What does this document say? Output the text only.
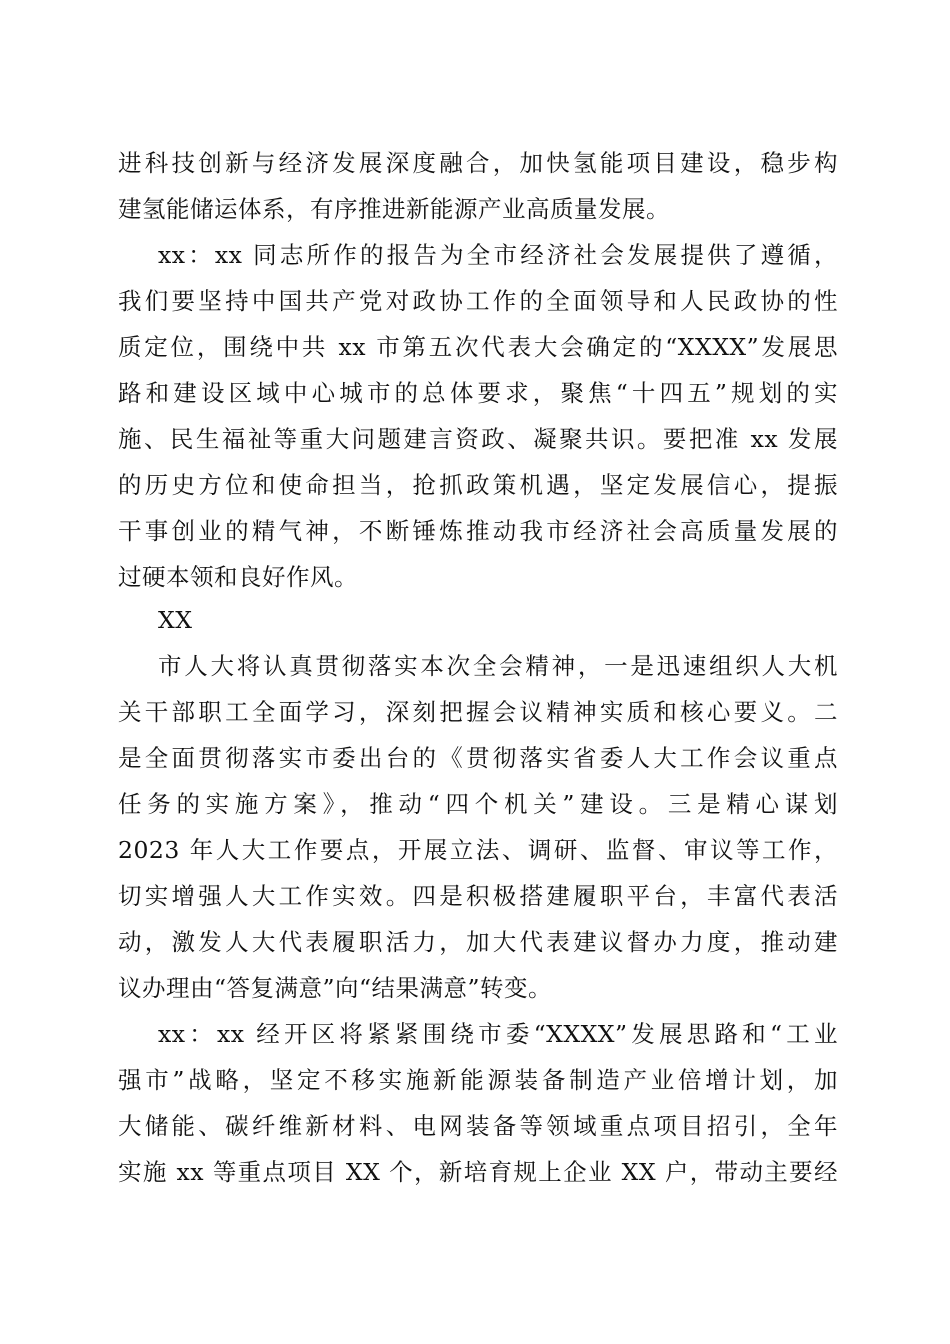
进科技创新与经济发展深度融合，加快氢能项目建设，稳步构
建氢能储运体系，有序推进新能源产业高质量发展。
xx：xx 同志所作的报告为全市经济社会发展提供了遵循，
我们要坚持中国共产党对政协工作的全面领导和人民政协的性
质定位，围绕中共 xx 市第五次代表大会确定的“XXXX”发展思
路和建设区域中心城市的总体要求，聚焦“十四五”规划的实
施、民生福祉等重大问题建言资政、凝聚共识。要把准 xx 发展
的历史方位和使命担当，抢抓政策机遇，坚定发展信心，提振
干事创业的精气神，不断锤炼推动我市经济社会高质量发展的
过硬本领和良好作风。
XX
市人大将认真贯彻落实本次全会精神，一是迅速组织人大机
关干部职工全面学习，深刻把握会议精神实质和核心要义。二
是全面贯彻落实市委出台的《贯彻落实省委人大工作会议重点
任务的实施方案》，推动“四个机关”建设。三是精心谋划
2023 年人大工作要点，开展立法、调研、监督、审议等工作，
切实增强人大工作实效。四是积极搭建履职平台，丰富代表活
动，激发人大代表履职活力，加大代表建议督办力度，推动建
议办理由“答复满意”向“结果满意”转变。
xx：xx 经开区将紧紧围绕市委“XXXX”发展思路和“工业
强市”战略，坚定不移实施新能源装备制造产业倍增计划，加
大储能、碳纤维新材料、电网装备等领域重点项目招引，全年
实施 xx 等重点项目 XX 个，新培育规上企业 XX 户，带动主要经
